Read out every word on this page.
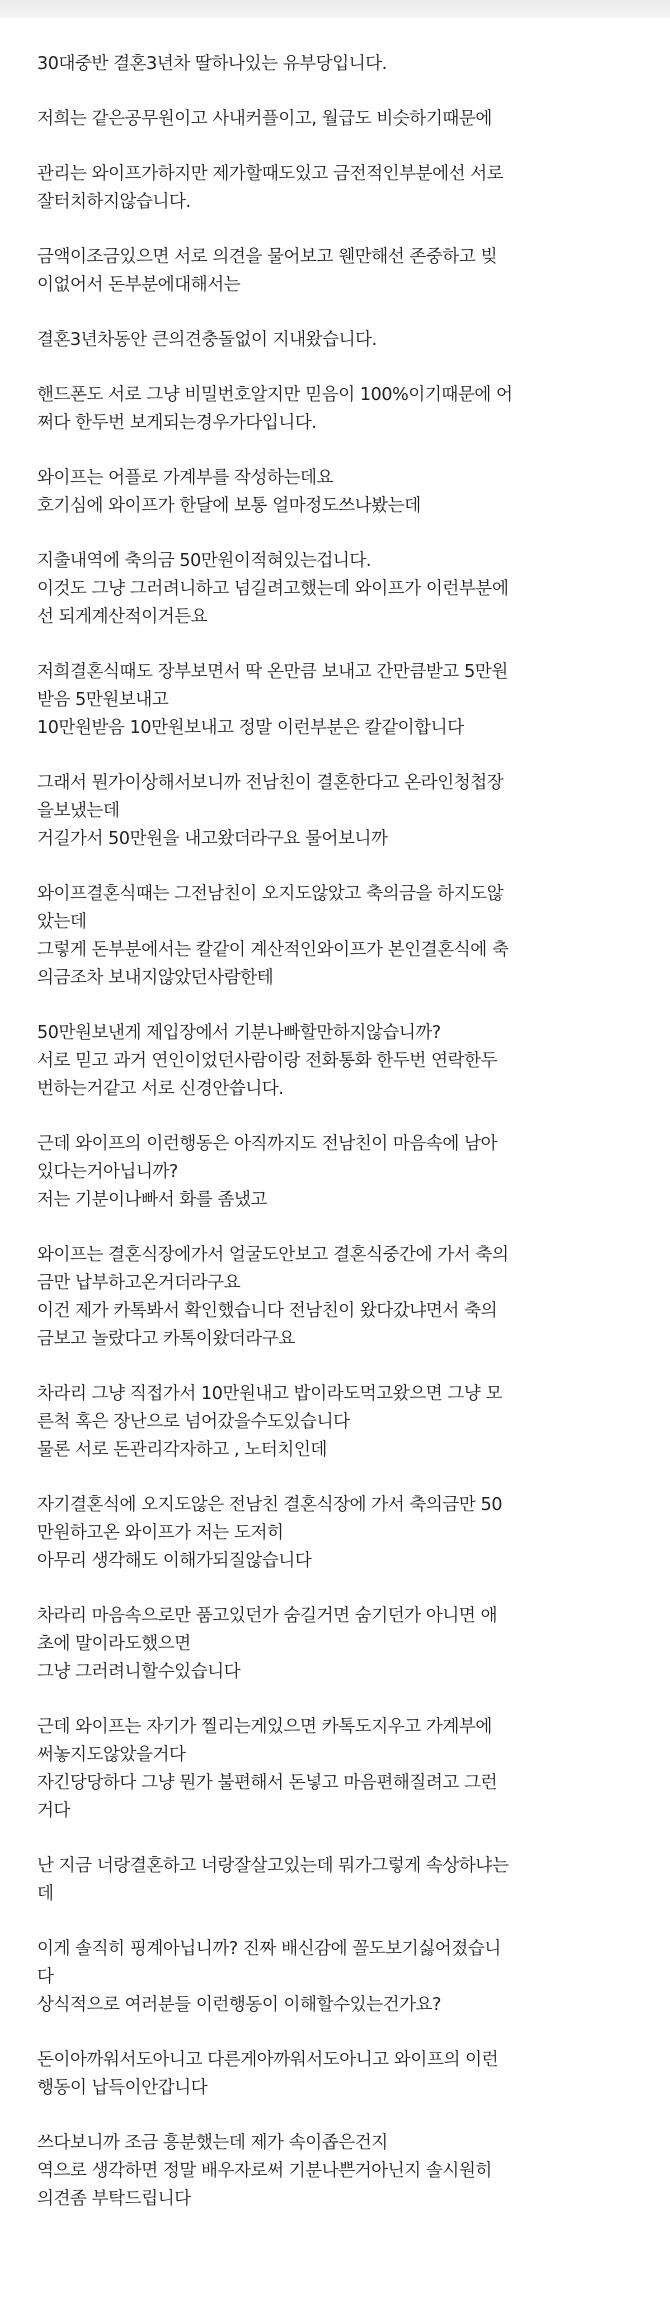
30대중반 결혼3년차 딸하나있는 유부당입니다.
저희는 같은공무원이고 사내커플이고, 월급도 비슷하기때문에
관리는 와이프가하지만 제가할때도있고 금전적인부분에선 서로
잘터치하지않습니다.
금액이조금있으면 서로 의견을 물어보고 웬만해선 존중하고 빚
이없어서 돈부분에대해서는
결혼3년차동안 큰의견충돌없이 지내왔습니다.
핸드폰도 서로 그냥 비밀번호알지만 믿음이 100%이기때문에 어
쩌다 한두번 보게되는경우가다입니다.
와이프는 어플로 가계부를 작성하는데요
호기심에 와이프가 한달에 보통 얼마정도쓰나봤는데
지출내역에 축의금 50만원이적혀있는겁니다.
이것도 그냥 그러려니하고 넘길려고했는데 와이프가 이런부분에
선 되게계산적이거든요
저희결혼식때도 장부보면서 딱 온만큼 보내고 간만큼받고 5만원
받음 5만원보내고
10만원받음 10만원보내고 정말 이런부분은 칼같이합니다
그래서 뭔가이상해서보니까 전남친이 결혼한다고 온라인청첩장
을보냈는데
거길가서 50만원을 내고왔더라구요 물어보니까
와이프결혼식때는 그전남친이 오지도않았고 축의금을 하지도않
았는데
그렇게 돈부분에서는 칼같이 계산적인와이프가 본인결혼식에 축
의금조차 보내지않았던사람한테
50만원보낸게 제입장에서 기분나빠할만하지않습니까?
서로 믿고 과거 연인이었던사람이랑 전화통화 한두번 연락한두
번하는거같고 서로 신경안씁니다.
근데 와이프의 이런행동은 아직까지도 전남친이 마음속에 남아
있다는거아닙니까?
저는 기분이나빠서 화를 좀냈고
와이프는 결혼식장에가서 얼굴도안보고 결혼식중간에 가서 축의
금만 납부하고온거더라구요
이건 제가 카톡봐서 확인했습니다 전남친이 왔다갔냐면서 축의
금보고 놀랐다고 카톡이왔더라구요
차라리 그냥 직접가서 10만원내고 밥이라도먹고왔으면 그냥 모
른척 혹은 장난으로 넘어갔을수도있습니다
물론 서로 돈관리각자하고 , 노터치인데
자기결혼식에 오지도않은 전남친 결혼식장에 가서 축의금만 50
만원하고온 와이프가 저는 도저히
아무리 생각해도 이해가되질않습니다
차라리 마음속으로만 품고있던가 숨길거면 숨기던가 아니면 애
초에 말이라도했으면
그냥 그러려니할수있습니다
근데 와이프는 자기가 찔리는게있으면 카톡도지우고 가계부에
써놓지도않았을거다
자긴당당하다 그냥 뭔가 불편해서 돈넣고 마음편해질려고 그런
거다
난 지금 너랑결혼하고 너랑잘살고있는데 뭐가그렇게 속상하냐는
데
이게 솔직히 핑계아닙니까? 진짜 배신감에 꼴도보기싫어졌습니
다
상식적으로 여러분들 이런행동이 이해할수있는건가요?
돈이아까워서도아니고 다른게아까워서도아니고 와이프의 이런
행동이 납득이안갑니다
쓰다보니까 조금 흥분했는데 제가 속이좁은건지
역으로 생각하면 정말 배우자로써 기분나쁜거아닌지 솔시원히
의견좀 부탁드립니다
